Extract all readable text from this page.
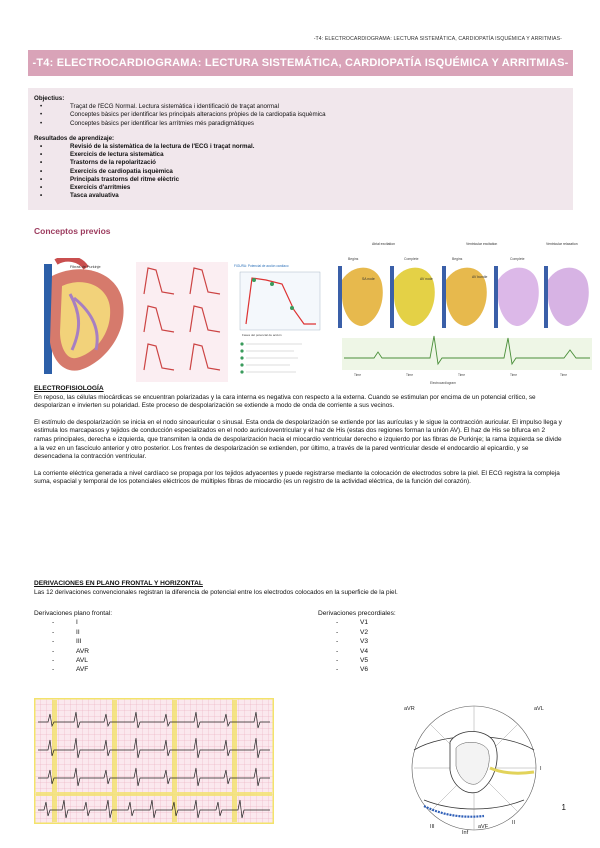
-T4: ELECTROCARDIOGRAMA: LECTURA SISTEMÀTICA, CARDIOPATÍA ISQUÉMICA Y ARRITMIAS-
-T4: ELECTROCARDIOGRAMA: LECTURA SISTEMÁTICA, CARDIOPATÍA ISQUÉMICA Y ARRITMIAS-
Objectius:
• Traçat de l'ECG Normal. Lectura sistemàtica i identificació de traçat anormal
• Conceptes bàsics per identificar les principals alteracions pròpies de la cardiopatia isquèmica
• Conceptes bàsics per identificar les arrítmies més paradigmàtiques
Resultados de aprendizaje:
• Revisió de la sistemàtica de la lectura de l'ECG i traçat normal.
• Exercicis de lectura sistemàtica
• Trastorns de la repolarització
• Exercicis de cardiopatia isquèmica
• Principals trastorns del ritme elèctric
• Exercicis d'arrítmies
• Tasca avaluativa
Conceptos previos
Fibras de Purkinje	FIGURA: Potencial de acción cardíaco
Fases del potencial de acción
Atrial excitation	Ventricular excitation	Ventricular relaxation
Begins	Complete	Begins	Complete
SA node	AV node	AV bundle
Time	Time	Time	Time	Time
Electrocardiogram
ELECTROFISIOLOGÍA

En reposo, las células miocárdicas se encuentran polarizadas y la cara interna es negativa con respecto a la externa. Cuando se estimulan por encima de un potencial crítico, se despolarizan e invierten su polaridad. Este proceso de despolarización se extiende a modo de onda de corriente a sus vecinos.

El estímulo de despolarización se inicia en el nodo sinoauricular o sinusal. Esta onda de despolarización se extiende por las aurículas y le sigue la contracción auricular. El impulso llega y estimula los marcapasos y tejidos de conducción especializados en el nodo auriculoventricular y el haz de His (estas dos regiones forman la unión AV). El haz de His se bifurca en 2 ramas principales, derecha e izquierda, que transmiten la onda de despolarización hacia el miocardio ventricular derecho e izquierdo por las fibras de Purkinje; la rama izquierda se divide a la vez en un fascículo anterior y otro posterior. Los frentes de despolarización se extienden, por último, a través de la pared ventricular desde el endocardio al epicardio, y se desencadena la contracción ventricular.

La corriente eléctrica generada a nivel cardíaco se propaga por los tejidos adyacentes y puede registrarse mediante la colocación de electrodos sobre la piel. El ECG registra la compleja suma, espacial y temporal de los potenciales eléctricos de múltiples fibras de miocardio (es un registro de la actividad eléctrica, de la función del corazón).

DERIVACIONES EN PLANO FRONTAL Y HORIZONTAL

Las 12 derivaciones convencionales registran la diferencia de potencial entre los electrodos colocados en la superficie de la piel.

Derivaciones plano frontal:
-	I
-	II
-	III
-	AVR
-	AVL
-	AVF
Derivaciones precordiales:
-	V1
-	V2
-	V3
-	V4
-	V5
-	V6
aVR	aVL
I
Inf
aVF
III
II
1
